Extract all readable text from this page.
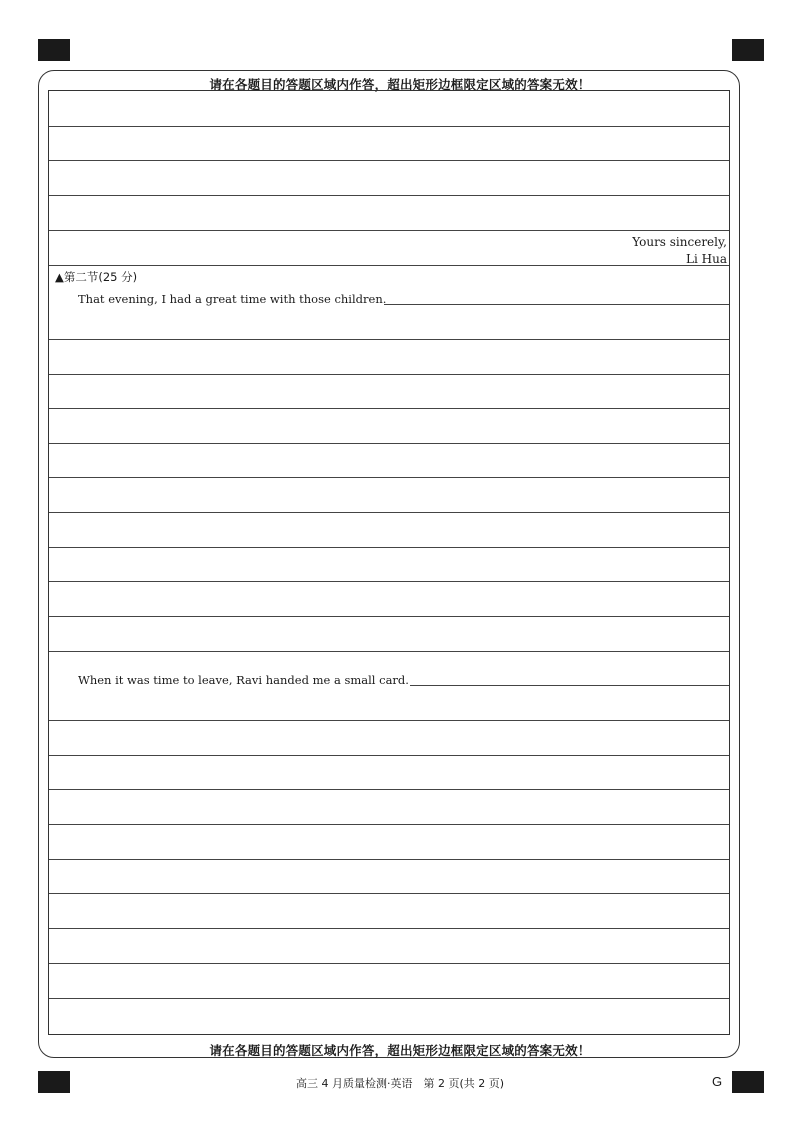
请在各题目的答题区域内作答，超出矩形边框限定区域的答案无效！
请在各题目的答题区域内作答，超出矩形边框限定区域的答案无效！
Yours sincerely,
Li Hua
▲第二节(25 分)
That evening, I had a great time with those children.
When it was time to leave, Ravi handed me a small card.
高三 4 月质量检测·英语　第 2 页(共 2 页)	G
